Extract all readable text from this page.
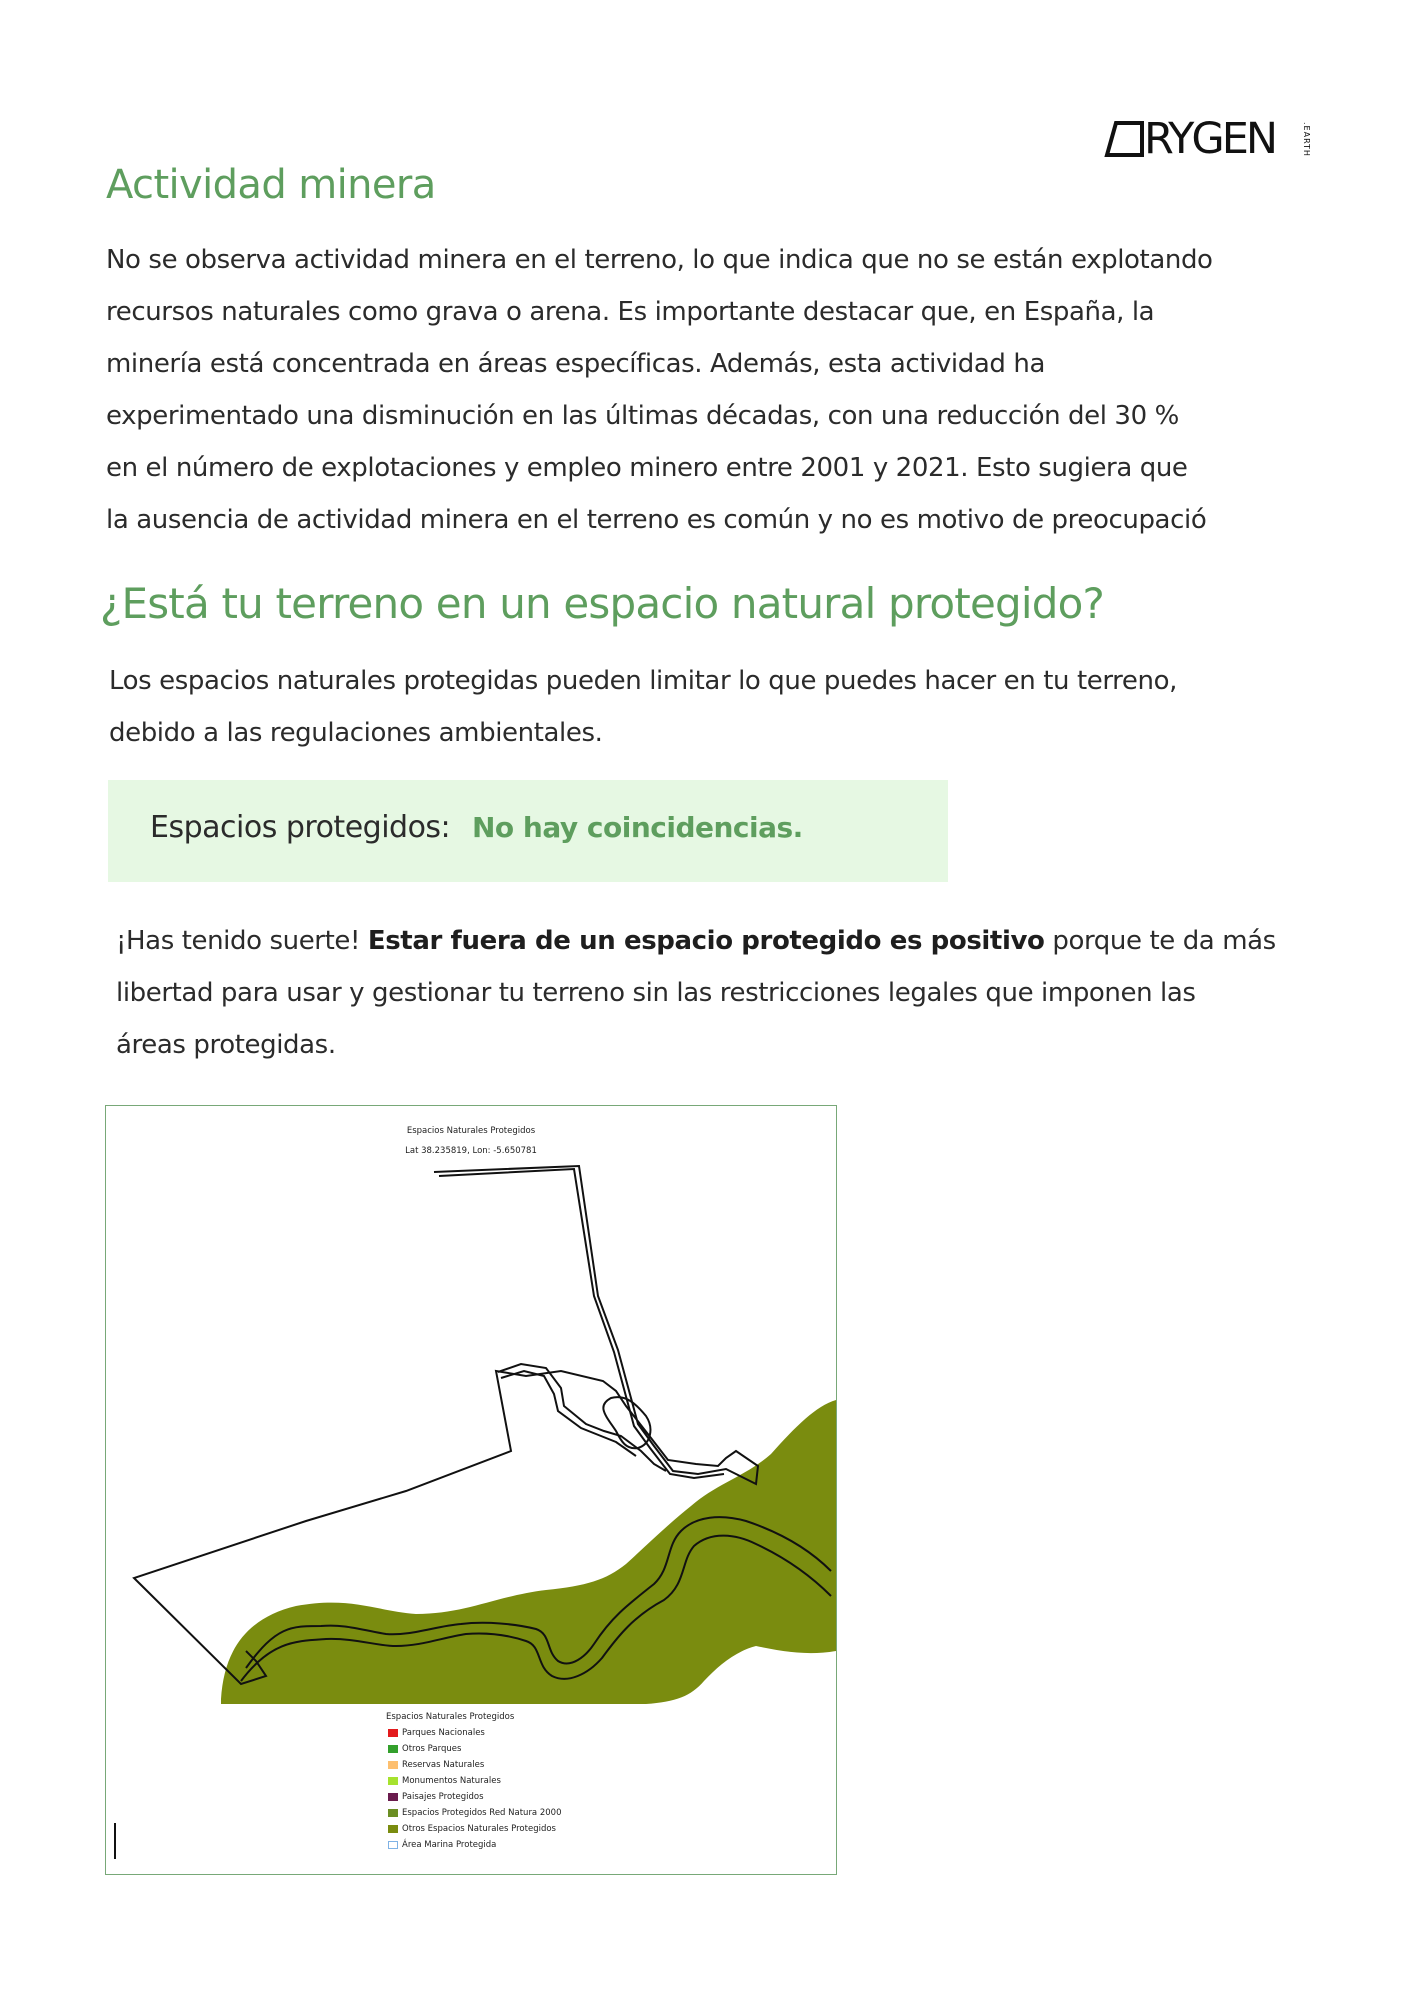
RYGEN	.EARTH
Actividad minera
No se observa actividad minera en el terreno, lo que indica que no se están explotando
recursos naturales como grava o arena. Es importante destacar que, en España, la
minería está concentrada en áreas específicas. Además, esta actividad ha
experimentado una disminución en las últimas décadas, con una reducción del 30 %
en el número de explotaciones y empleo minero entre 2001 y 2021. Esto sugiera que
la ausencia de actividad minera en el terreno es común y no es motivo de preocupació
¿Está tu terreno en un espacio natural protegido?
Los espacios naturales protegidas pueden limitar lo que puedes hacer en tu terreno,
debido a las regulaciones ambientales.
Espacios protegidos: No hay coincidencias.
¡Has tenido suerte! Estar fuera de un espacio protegido es positivo porque te da más
libertad para usar y gestionar tu terreno sin las restricciones legales que imponen las
áreas protegidas.
Espacios Naturales Protegidos
Lat 38.235819, Lon: -5.650781
Espacios Naturales Protegidos
Parques Nacionales
Otros Parques
Reservas Naturales
Monumentos Naturales
Paisajes Protegidos
Espacios Protegidos Red Natura 2000
Otros Espacios Naturales Protegidos
Área Marina Protegida
